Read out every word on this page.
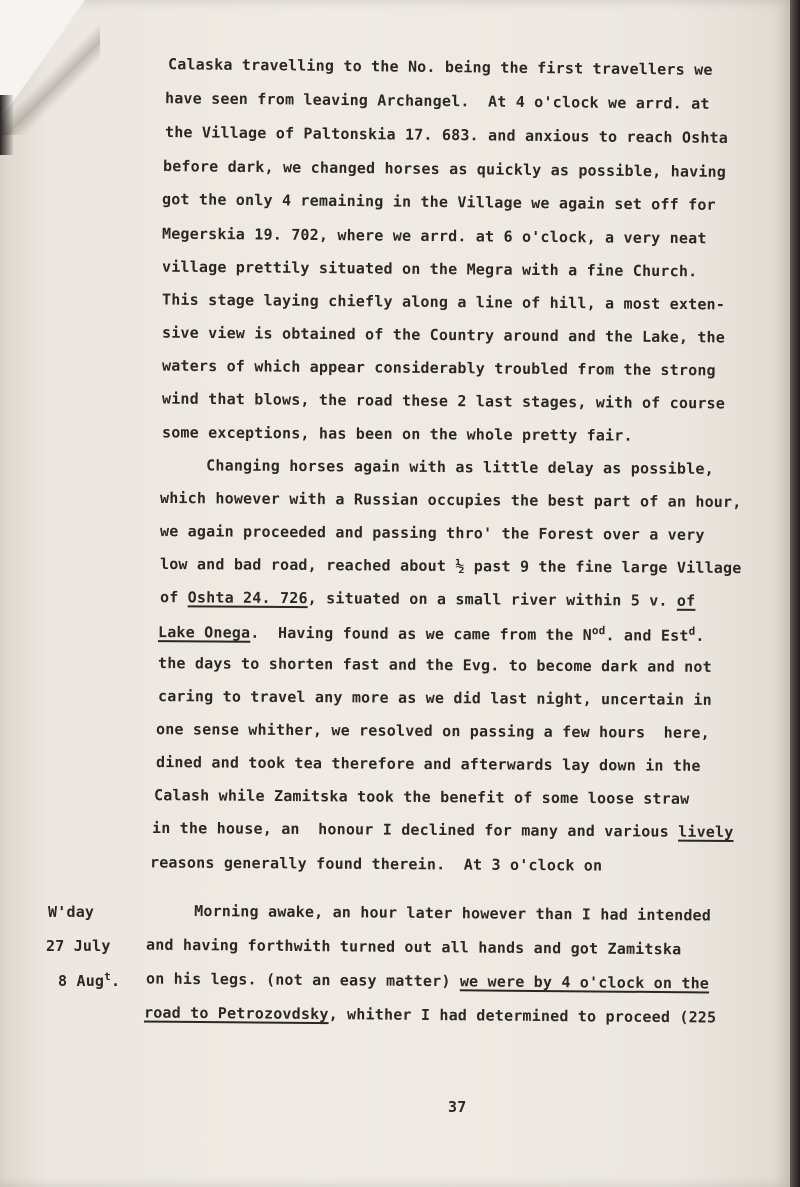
Calaska travelling to the No. being the first travellers we

have seen from leaving Archangel.  At 4 o'clock we arrd. at

the Village of Paltonskia 17. 683. and anxious to reach Oshta

before dark, we changed horses as quickly as possible, having

got the only 4 remaining in the Village we again set off for

Megerskia 19. 702, where we arrd. at 6 o'clock, a very neat

village prettily situated on the Megra with a fine Church.

This stage laying chiefly along a line of hill, a most exten-

sive view is obtained of the Country around and the Lake, the

waters of which appear considerably troubled from the strong

wind that blows, the road these 2 last stages, with of course

some exceptions, has been on the whole pretty fair.

Changing horses again with as little delay as possible,

which however with a Russian occupies the best part of an hour,

we again proceeded and passing thro' the Forest over a very

low and bad road, reached about ½ past 9 the fine large Village

of Oshta 24. 726, situated on a small river within 5 v. of

Lake Onega.  Having found as we came from the $N^{od}$. and Est$^d$.

the days to shorten fast and the Evg. to become dark and not

caring to travel any more as we did last night, uncertain in

one sense whither, we resolved on passing a few hours  here,

dined and took tea therefore and afterwards lay down in the

Calash while Zamitska took the benefit of some loose straw

in the house, an  honour I declined for many and various lively

reasons generally found therein.  At 3 o'clock on

Morning awake, an hour later however than I had intended

and having forthwith turned out all hands and got Zamitska

on his legs. (not an easy matter) we were by 4 o'clock on the

road to Petrozovdsky, whither I had determined to proceed (225

W'day
27 July
8 Aug$^t$.
37
